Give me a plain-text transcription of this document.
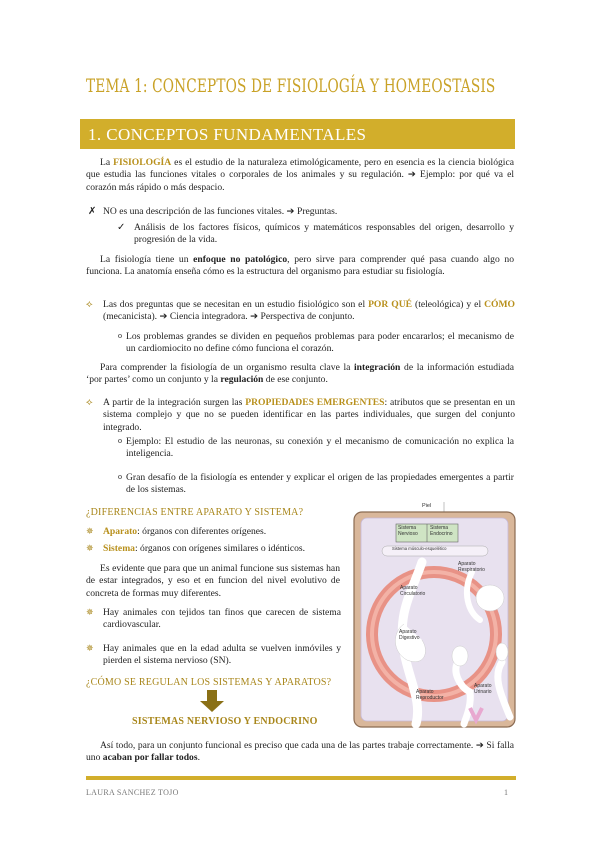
TEMA 1: CONCEPTOS DE FISIOLOGÍA Y HOMEOSTASIS
1. CONCEPTOS FUNDAMENTALES
La FISIOLOGÍA es el estudio de la naturaleza etimológicamente, pero en esencia es la ciencia biológica que estudia las funciones vitales o corporales de los animales y su regulación. ➔ Ejemplo: por qué va el corazón más rápido o más despacio.
✗ NO es una descripción de las funciones vitales. ➔ Preguntas.
✓ Análisis de los factores físicos, químicos y matemáticos responsables del origen, desarrollo y progresión de la vida.
La fisiología tiene un enfoque no patológico, pero sirve para comprender qué pasa cuando algo no funciona. La anatomía enseña cómo es la estructura del organismo para estudiar su fisiología.
⟡ Las dos preguntas que se necesitan en un estudio fisiológico son el POR QUÉ (teleológica) y el CÓMO (mecanicista). ➔ Ciencia integradora. ➔ Perspectiva de conjunto.
o Los problemas grandes se dividen en pequeños problemas para poder encararlos; el mecanismo de un cardiomiocito no define cómo funciona el corazón.
Para comprender la fisiología de un organismo resulta clave la integración de la información estudiada ‘por partes’ como un conjunto y la regulación de ese conjunto.
⟡ A partir de la integración surgen las PROPIEDADES EMERGENTES: atributos que se presentan en un sistema complejo y que no se pueden identificar en las partes individuales, que surgen del conjunto integrado.
o Ejemplo: El estudio de las neuronas, su conexión y el mecanismo de comunicación no explica la inteligencia.
o Gran desafío de la fisiología es entender y explicar el origen de las propiedades emergentes a partir de los sistemas.
¿DIFERENCIAS ENTRE APARATO Y SISTEMA?
✵ Aparato: órganos con diferentes orígenes.
✵ Sistema: órganos con orígenes similares o idénticos.
Es evidente que para que un animal funcione sus sistemas han de estar integrados, y eso et en funcion del nivel evolutivo de concreta de formas muy diferentes.
✵ Hay animales con tejidos tan finos que carecen de sistema cardiovascular.
✵ Hay animales que en la edad adulta se vuelven inmóviles y pierden el sistema nervioso (SN).
¿CÓMO SE REGULAN LOS SISTEMAS Y APARATOS?
SISTEMAS NERVIOSO Y ENDOCRINO
Así todo, para un conjunto funcional es preciso que cada una de las partes trabaje correctamente. ➔ Si falla uno acaban por fallar todos.
Piel
Sistema Nervioso
Sistema Endocrino
Sistema músculo-esquelético
Aparato Respiratorio
Aparato Circulatorio
Aparato Digestivo
Aparato Reproductor
Aparato Urinario
LAURA SANCHEZ TOJO	1
